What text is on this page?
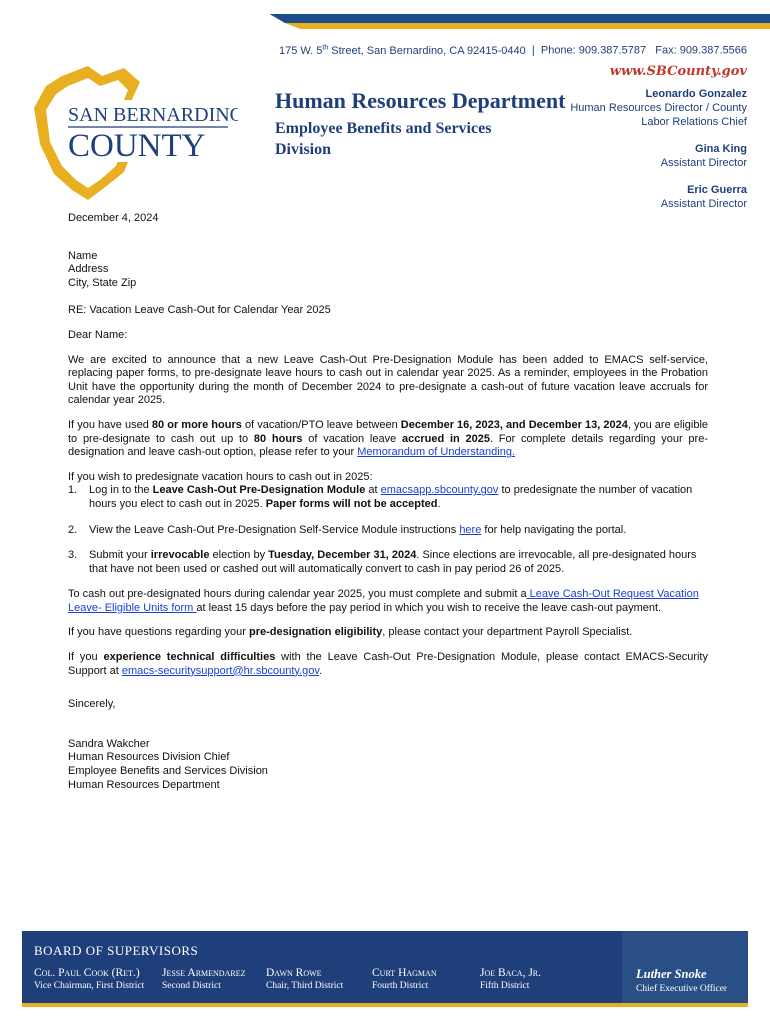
175 W. 5th Street, San Bernardino, CA 92415-0440 | Phone: 909.387.5787 Fax: 909.387.5566
www.SBCounty.gov
SAN BERNARDINO
COUNTY
Human Resources Department
Employee Benefits and Services Division
Leonardo Gonzalez
Human Resources Director / County Labor Relations Chief
Gina King
Assistant Director
Eric Guerra
Assistant Director

December 4, 2024

Name
Address
City, State Zip

RE: Vacation Leave Cash-Out for Calendar Year 2025

Dear Name:

We are excited to announce that a new Leave Cash-Out Pre-Designation Module has been added to EMACS self-service, replacing paper forms, to pre-designate leave hours to cash out in calendar year 2025. As a reminder, employees in the Probation Unit have the opportunity during the month of December 2024 to pre-designate a cash-out of future vacation leave accruals for calendar year 2025.

If you have used 80 or more hours of vacation/PTO leave between December 16, 2023, and December 13, 2024, you are eligible to pre-designate to cash out up to 80 hours of vacation leave accrued in 2025. For complete details regarding your pre-designation and leave cash-out option, please refer to your Memorandum of Understanding.

If you wish to predesignate vacation hours to cash out in 2025:
1.	Log in to the Leave Cash-Out Pre-Designation Module at emacsapp.sbcounty.gov to predesignate the number of vacation hours you elect to cash out in 2025. Paper forms will not be accepted.
2.	View the Leave Cash-Out Pre-Designation Self-Service Module instructions here for help navigating the portal.
3.	Submit your irrevocable election by Tuesday, December 31, 2024. Since elections are irrevocable, all pre-designated hours that have not been used or cashed out will automatically convert to cash in pay period 26 of 2025.

To cash out pre-designated hours during calendar year 2025, you must complete and submit a Leave Cash-Out Request Vacation Leave- Eligible Units form at least 15 days before the pay period in which you wish to receive the leave cash-out payment.

If you have questions regarding your pre-designation eligibility, please contact your department Payroll Specialist.

If you experience technical difficulties with the Leave Cash-Out Pre-Designation Module, please contact EMACS-Security Support at emacs-securitysupport@hr.sbcounty.gov.

Sincerely,

Sandra Wakcher
Human Resources Division Chief
Employee Benefits and Services Division
Human Resources Department

BOARD OF SUPERVISORS
Col. Paul Cook (Ret.)
Vice Chairman, First District
Jesse Armendarez
Second District
Dawn Rowe
Chair, Third District
Curt Hagman
Fourth District
Joe Baca, Jr.
Fifth District
Luther Snoke
Chief Executive Officer
